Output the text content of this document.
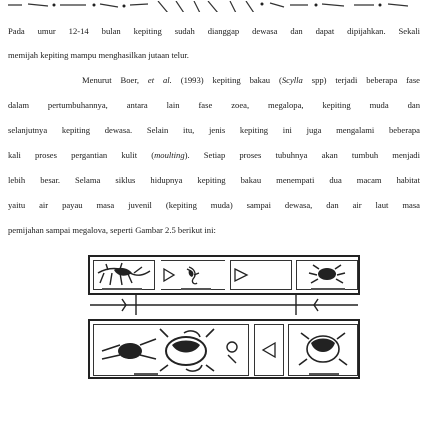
Pada umur 12-14 bulan kepiting sudah dianggap dewasa dan dapat dipijahkan. Sekali
memijah kepiting mampu menghasilkan jutaan telur.
Menurut Boer, et al. (1993) kepiting bakau (Scylla spp) terjadi beberapa fase
dalam pertumbuhannya, antara lain fase zoea, megalopa, kepiting muda dan
selanjutnya kepiting dewasa. Selain itu, jenis kepiting ini juga mengalami beberapa
kali proses pergantian kulit (moulting). Setiap proses tubuhnya akan tumbuh menjadi
lebih besar. Selama siklus hidupnya kepiting bakau menempati dua macam habitat
yaitu air payau masa juvenil (kepiting muda) sampai dewasa, dan air laut masa
pemijahan sampai megalova, seperti Gambar 2.5 berikut ini:
